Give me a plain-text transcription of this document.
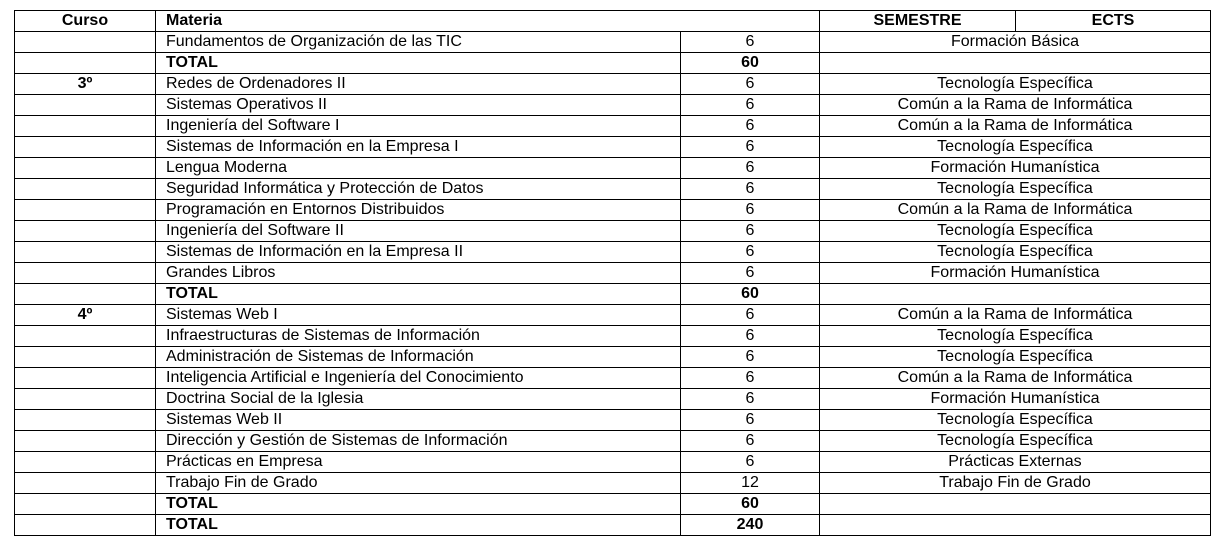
Curso	Materia		SEMESTRE	ECTS
	Fundamentos de Organización de las TIC	6	Formación Básica	
	TOTAL	60		
3º	Redes de Ordenadores II	6	Tecnología Específica	
	Sistemas Operativos II	6	Común a la Rama de Informática	
	Ingeniería del Software I	6	Común a la Rama de Informática	
	Sistemas de Información en la Empresa I	6	Tecnología Específica	
	Lengua Moderna	6	Formación Humanística	
	Seguridad Informática y Protección de Datos	6	Tecnología Específica	
	Programación en Entornos Distribuidos	6	Común a la Rama de Informática	
	Ingeniería del Software II	6	Tecnología Específica	
	Sistemas de Información en la Empresa II	6	Tecnología Específica	
	Grandes Libros	6	Formación Humanística	
	TOTAL	60		
4º	Sistemas Web I	6	Común a la Rama de Informática	
	Infraestructuras de Sistemas de Información	6	Tecnología Específica	
	Administración de Sistemas de Información	6	Tecnología Específica	
	Inteligencia Artificial e Ingeniería del Conocimiento	6	Común a la Rama de Informática	
	Doctrina Social de la Iglesia	6	Formación Humanística	
	Sistemas Web II	6	Tecnología Específica	
	Dirección y Gestión de Sistemas de Información	6	Tecnología Específica	
	Prácticas en Empresa	6	Prácticas Externas	
	Trabajo Fin de Grado	12	Trabajo Fin de Grado	
	TOTAL	60		
	TOTAL	240		
